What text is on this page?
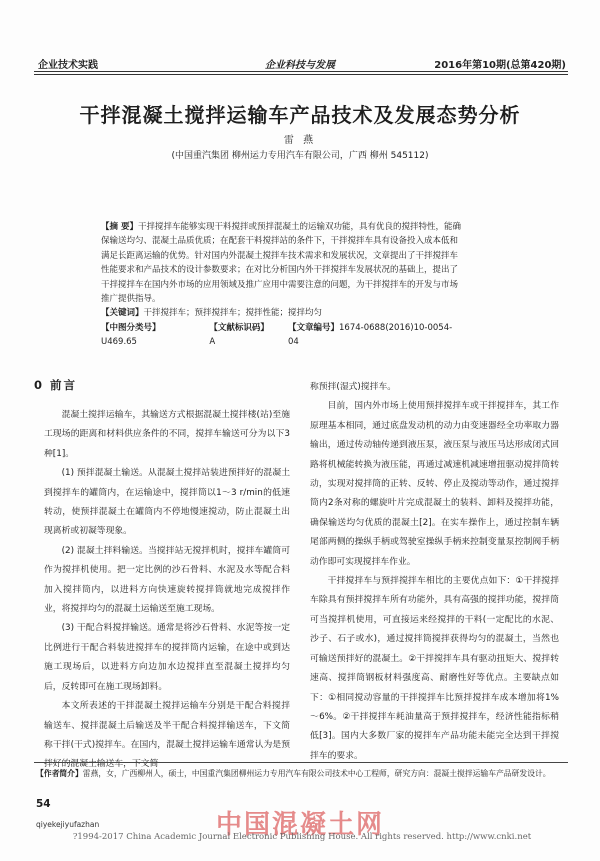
企业技术实践	企业科技与发展	2016年第10期(总第420期)
干拌混凝土搅拌运输车产品技术及发展态势分析
雷 燕
(中国重汽集团 柳州运力专用汽车有限公司，广西 柳州 545112)

【摘 要】干拌搅拌车能够实现干料搅拌或预拌混凝土的运输双功能，具有优良的搅拌特性，能确保输送均匀、混凝土品质优质；在配套干料搅拌站的条件下，干拌搅拌车具有设备投入成本低和满足长距离运输的优势。针对国内外混凝土搅拌车技术需求和发展状况，文章提出了干拌搅拌车性能要求和产品技术的设计参数要求；在对比分析国内外干拌搅拌车发展状况的基础上，提出了干拌搅拌车在国内外市场的应用领域及推广应用中需要注意的问题，为干拌搅拌车的开发与市场推广提供指导。

【关键词】干拌搅拌车；预拌搅拌车；搅拌性能；搅拌均匀

【中图分类号】U469.65
【文献标识码】A
【文章编号】1674-0688(2016)10-0054-04
0 前言

混凝土搅拌运输车，其输送方式根据混凝土搅拌楼(站)至施工现场的距离和材料供应条件的不同，搅拌车输送可分为以下3种[1]。

(1) 预拌混凝土输送。从混凝土搅拌站装进预拌好的混凝土到搅拌车的罐筒内，在运输途中，搅拌筒以1～3 r/min的低速转动，使预拌混凝土在罐筒内不停地慢速搅动，防止混凝土出现离析或初凝等现象。

(2) 混凝土拌料输送。当搅拌站无搅拌机时，搅拌车罐筒可作为搅拌机使用。把一定比例的沙石骨料、水泥及水等配合料加入搅拌筒内，以进料方向快速旋转搅拌筒就地完成搅拌作业，将搅拌均匀的混凝土运输送至施工现场。

(3) 干配合料搅拌输送。通常是将沙石骨料、水泥等按一定比例进行干配合料装进搅拌车的搅拌筒内运输，在途中或到达施工现场后，以进料方向边加水边搅拌直至混凝土搅拌均匀后，反转即可在施工现场卸料。

本文所表述的干拌混凝土搅拌运输车分别是干配合料搅拌输送车、搅拌混凝土后输送及半干配合料搅拌输送车，下文简称干拌(干式)搅拌车。在国内，混凝土搅拌运输车通常认为是预拌好的混凝土输送车，下文简

称预拌(湿式)搅拌车。

目前，国内外市场上使用预拌搅拌车或干拌搅拌车，其工作原理基本相同，通过底盘发动机的动力由变速器经全功率取力器输出，通过传动轴传递到液压泵，液压泵与液压马达形成闭式回路将机械能转换为液压能，再通过减速机减速增扭驱动搅拌筒转动，实现对搅拌筒的正转、反转、停止及搅动等动作，通过搅拌筒内2条对称的螺旋叶片完成混凝土的装料、卸料及搅拌功能，确保输送均匀优质的混凝土[2]。在实车操作上，通过控制车辆尾部两侧的操纵手柄或驾驶室操纵手柄来控制变量泵控制阀手柄动作即可实现搅拌车作业。

干拌搅拌车与预拌搅拌车相比的主要优点如下：①干拌搅拌车除具有预拌搅拌车所有功能外，具有高强的搅拌功能，搅拌筒可当搅拌机使用，可直接运来经搅拌的干料(一定配比的水泥、沙子、石子或水)，通过搅拌筒搅拌获得均匀的混凝土，当然也可输送预拌好的混凝土。②干拌搅拌车具有驱动扭矩大、搅拌转速高、搅拌筒钢板材料强度高、耐磨性好等优点。主要缺点如下：①相同搅动容量的干拌搅拌车比预拌搅拌车成本增加将1%～6%。②干拌搅拌车耗油量高于预拌搅拌车，经济性能指标稍低[3]。国内大多数厂家的搅拌车产品功能未能完全达到干拌搅拌车的要求。

【作者简介】雷燕，女，广西柳州人，硕士，中国重汽集团柳州运力专用汽车有限公司技术中心工程师，研究方向：混凝土搅拌运输车产品研发设计。
54
qiyekejiyufazhan	中国混凝土网
?1994-2017 China Academic Journal Electronic Publishing House. All rights reserved. http://www.cnki.net
